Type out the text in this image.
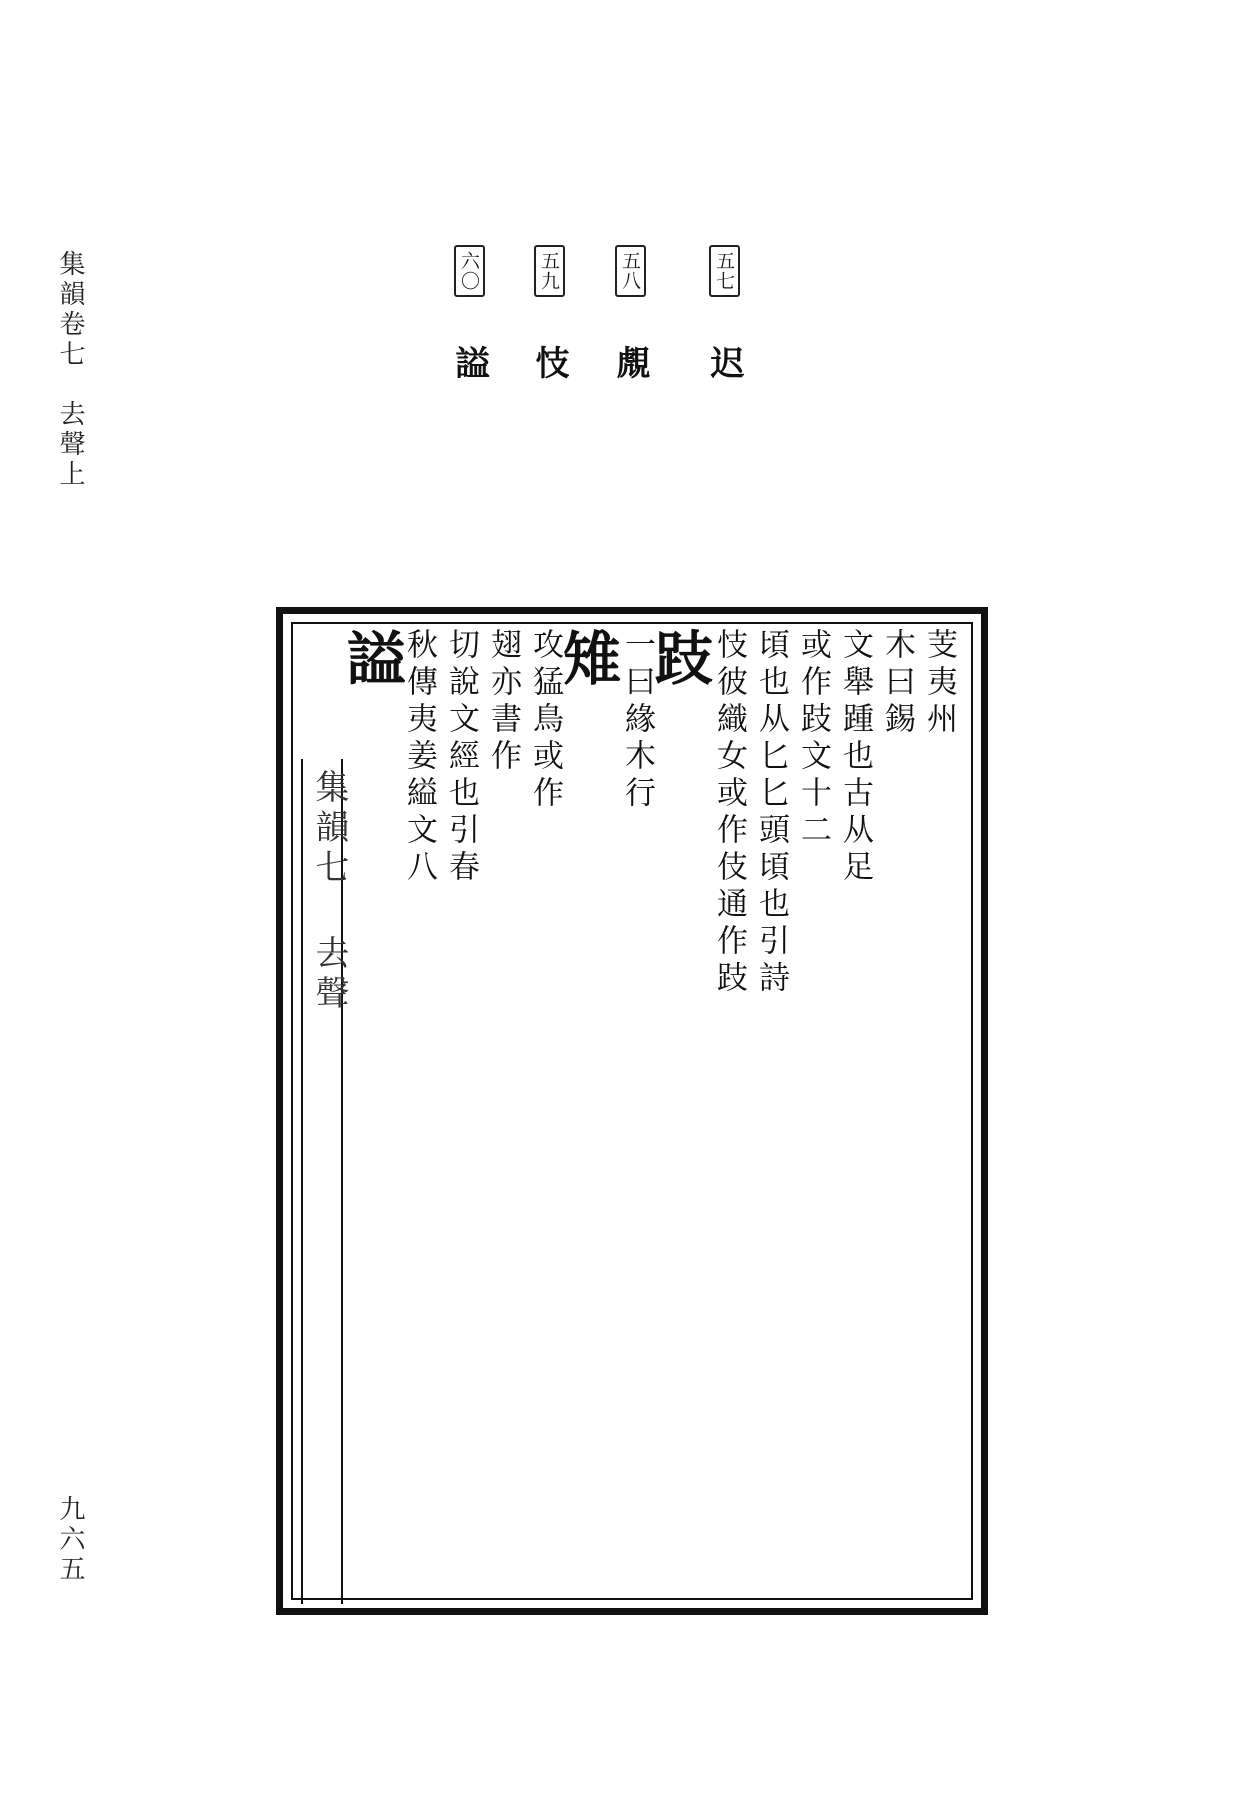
集韻卷七　去聲上
九六五
五七 迟
五八 覤
五九 忮
六〇 謚
集韻七 去聲
芰夷州
木曰錫
文舉踵也古从足
或作跂文十二
頃也从匕匕頭頃也引詩
忮彼織女或作伎通作跂
跂
一曰緣木行
雉
攻猛鳥或作
翅亦書作
切說文經也引春
秋傳夷姜縊文八
謚
